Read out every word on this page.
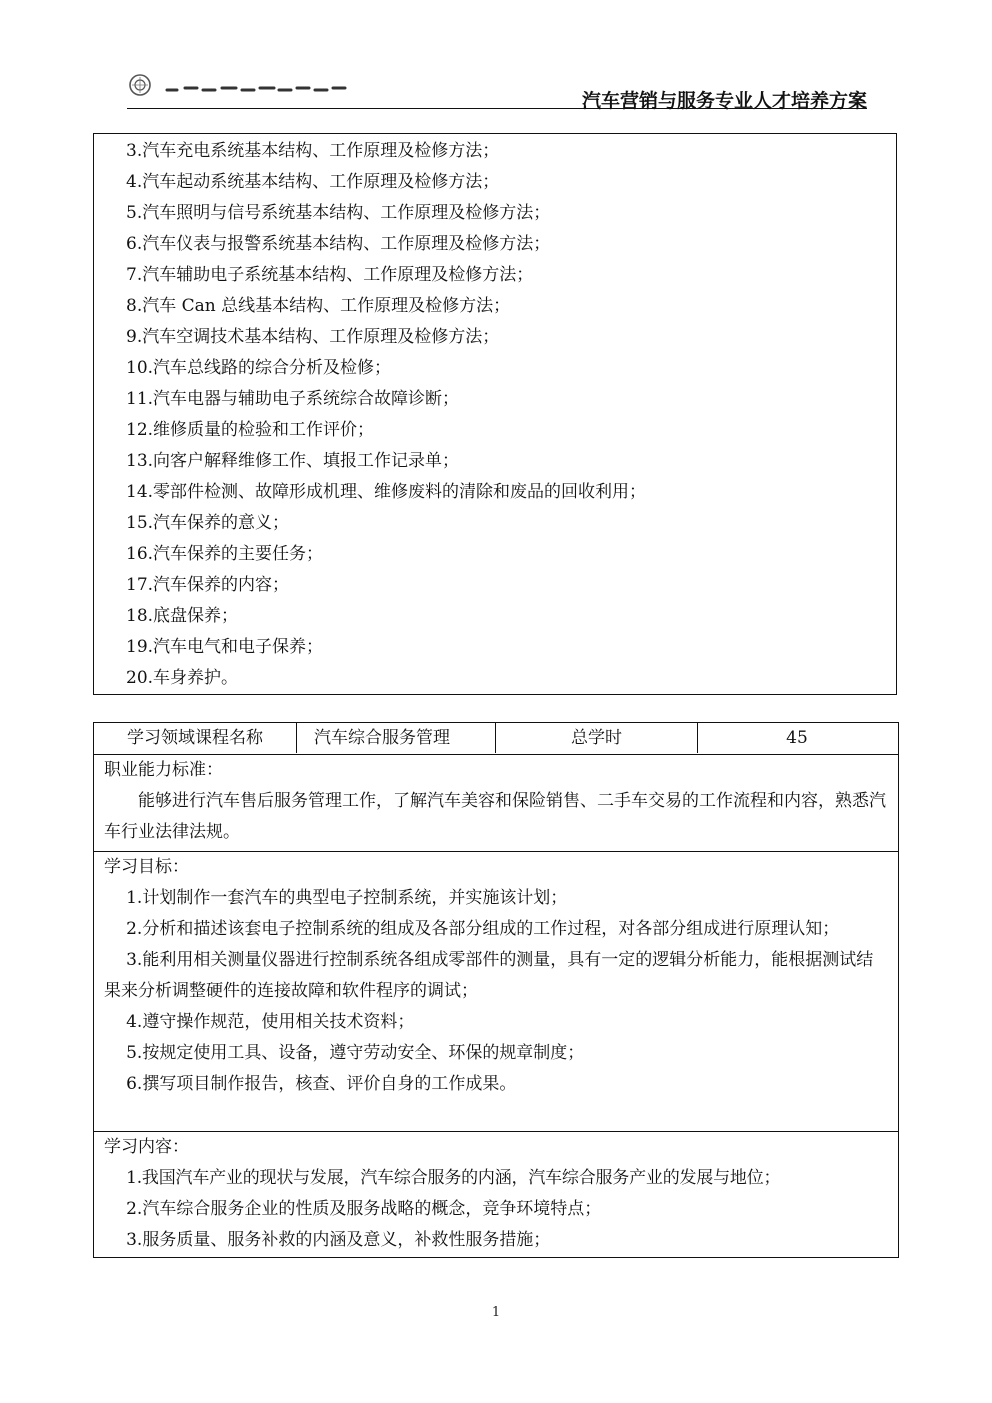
汽车营销与服务专业人才培养方案
3.汽车充电系统基本结构、工作原理及检修方法；
4.汽车起动系统基本结构、工作原理及检修方法；
5.汽车照明与信号系统基本结构、工作原理及检修方法；
6.汽车仪表与报警系统基本结构、工作原理及检修方法；
7.汽车辅助电子系统基本结构、工作原理及检修方法；
8.汽车 Can 总线基本结构、工作原理及检修方法；
9.汽车空调技术基本结构、工作原理及检修方法；
10.汽车总线路的综合分析及检修；
11.汽车电器与辅助电子系统综合故障诊断；
12.维修质量的检验和工作评价；
13.向客户解释维修工作、填报工作记录单；
14.零部件检测、故障形成机理、维修废料的清除和废品的回收利用；
15.汽车保养的意义；
16.汽车保养的主要任务；
17.汽车保养的内容；
18.底盘保养；
19.汽车电气和电子保养；
20.车身养护。
学习领域课程名称	汽车综合服务管理	总学时	45
职业能力标准：

能够进行汽车售后服务管理工作，了解汽车美容和保险销售、二手车交易的工作流程和内容，熟悉汽车行业法律法规。

学习目标：

1.计划制作一套汽车的典型电子控制系统，并实施该计划；

2.分析和描述该套电子控制系统的组成及各部分组成的工作过程，对各部分组成进行原理认知；

3.能利用相关测量仪器进行控制系统各组成零部件的测量，具有一定的逻辑分析能力，能根据测试结果来分析调整硬件的连接故障和软件程序的调试；

4.遵守操作规范，使用相关技术资料；

5.按规定使用工具、设备，遵守劳动安全、环保的规章制度；

6.撰写项目制作报告，核查、评价自身的工作成果。

学习内容：

1.我国汽车产业的现状与发展，汽车综合服务的内涵，汽车综合服务产业的发展与地位；

2.汽车综合服务企业的性质及服务战略的概念，竞争环境特点；

3.服务质量、服务补救的内涵及意义，补救性服务措施；

1
